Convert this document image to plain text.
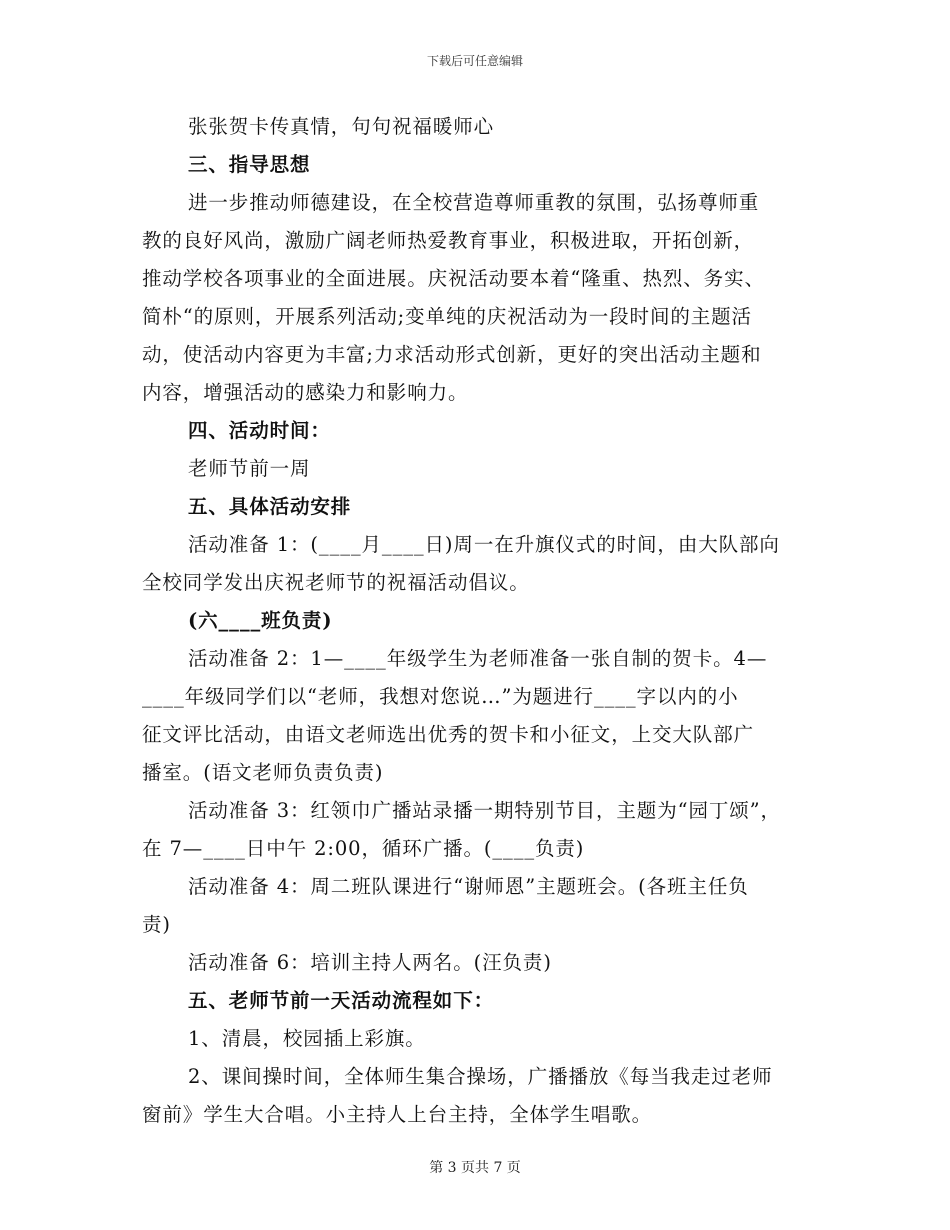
下载后可任意编辑

张张贺卡传真情，句句祝福暖师心

三、指导思想

进一步推动师德建设，在全校营造尊师重教的氛围，弘扬尊师重

教的良好风尚，激励广阔老师热爱教育事业，积极进取，开拓创新，

推动学校各项事业的全面进展。庆祝活动要本着“隆重、热烈、务实、

简朴“的原则，开展系列活动;变单纯的庆祝活动为一段时间的主题活

动，使活动内容更为丰富;力求活动形式创新，更好的突出活动主题和

内容，增强活动的感染力和影响力。

四、活动时间：

老师节前一周

五、具体活动安排

活动准备 1：(____月____日)周一在升旗仪式的时间，由大队部向

全校同学发出庆祝老师节的祝福活动倡议。

(六____班负责)

活动准备 2：1—____年级学生为老师准备一张自制的贺卡。4—

____年级同学们以“老师，我想对您说…”为题进行____字以内的小

征文评比活动，由语文老师选出优秀的贺卡和小征文，上交大队部广

播室。(语文老师负责负责)

活动准备 3：红领巾广播站录播一期特别节目，主题为“园丁颂”，

在 7—____日中午 2:00，循环广播。(____负责)

活动准备 4：周二班队课进行“谢师恩”主题班会。(各班主任负

责)

活动准备 6：培训主持人两名。(汪负责)

五、老师节前一天活动流程如下：

1、清晨，校园插上彩旗。

2、课间操时间，全体师生集合操场，广播播放《每当我走过老师

窗前》学生大合唱。小主持人上台主持，全体学生唱歌。

第 3 页共 7 页
